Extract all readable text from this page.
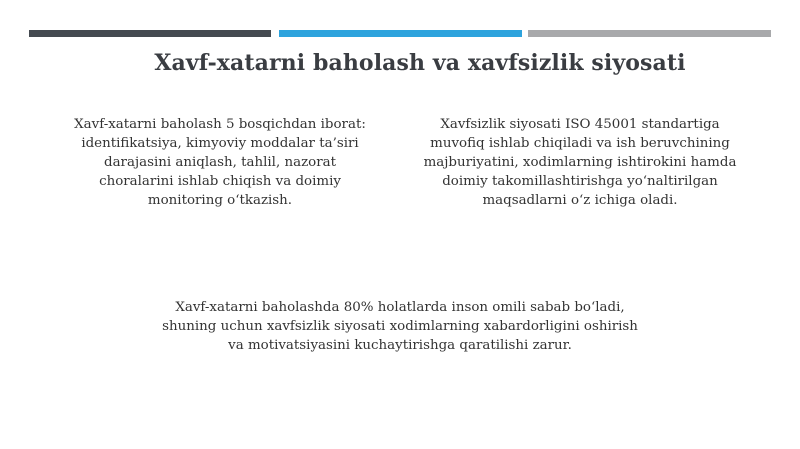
Xavf-xatarni baholash va xavfsizlik siyosati

Xavf-xatarni baholash 5 bosqichdan iborat:
identifikatsiya, kimyoviy moddalar ta’siri
darajasini aniqlash, tahlil, nazorat
choralarini ishlab chiqish va doimiy
monitoring o‘tkazish.

Xavfsizlik siyosati ISO 45001 standartiga
muvofiq ishlab chiqiladi va ish beruvchining
majburiyatini, xodimlarning ishtirokini hamda
doimiy takomillashtirishga yo‘naltirilgan
maqsadlarni o‘z ichiga oladi.

Xavf-xatarni baholashda 80% holatlarda inson omili sabab bo‘ladi,
shuning uchun xavfsizlik siyosati xodimlarning xabardorligini oshirish
va motivatsiyasini kuchaytirishga qaratilishi zarur.
